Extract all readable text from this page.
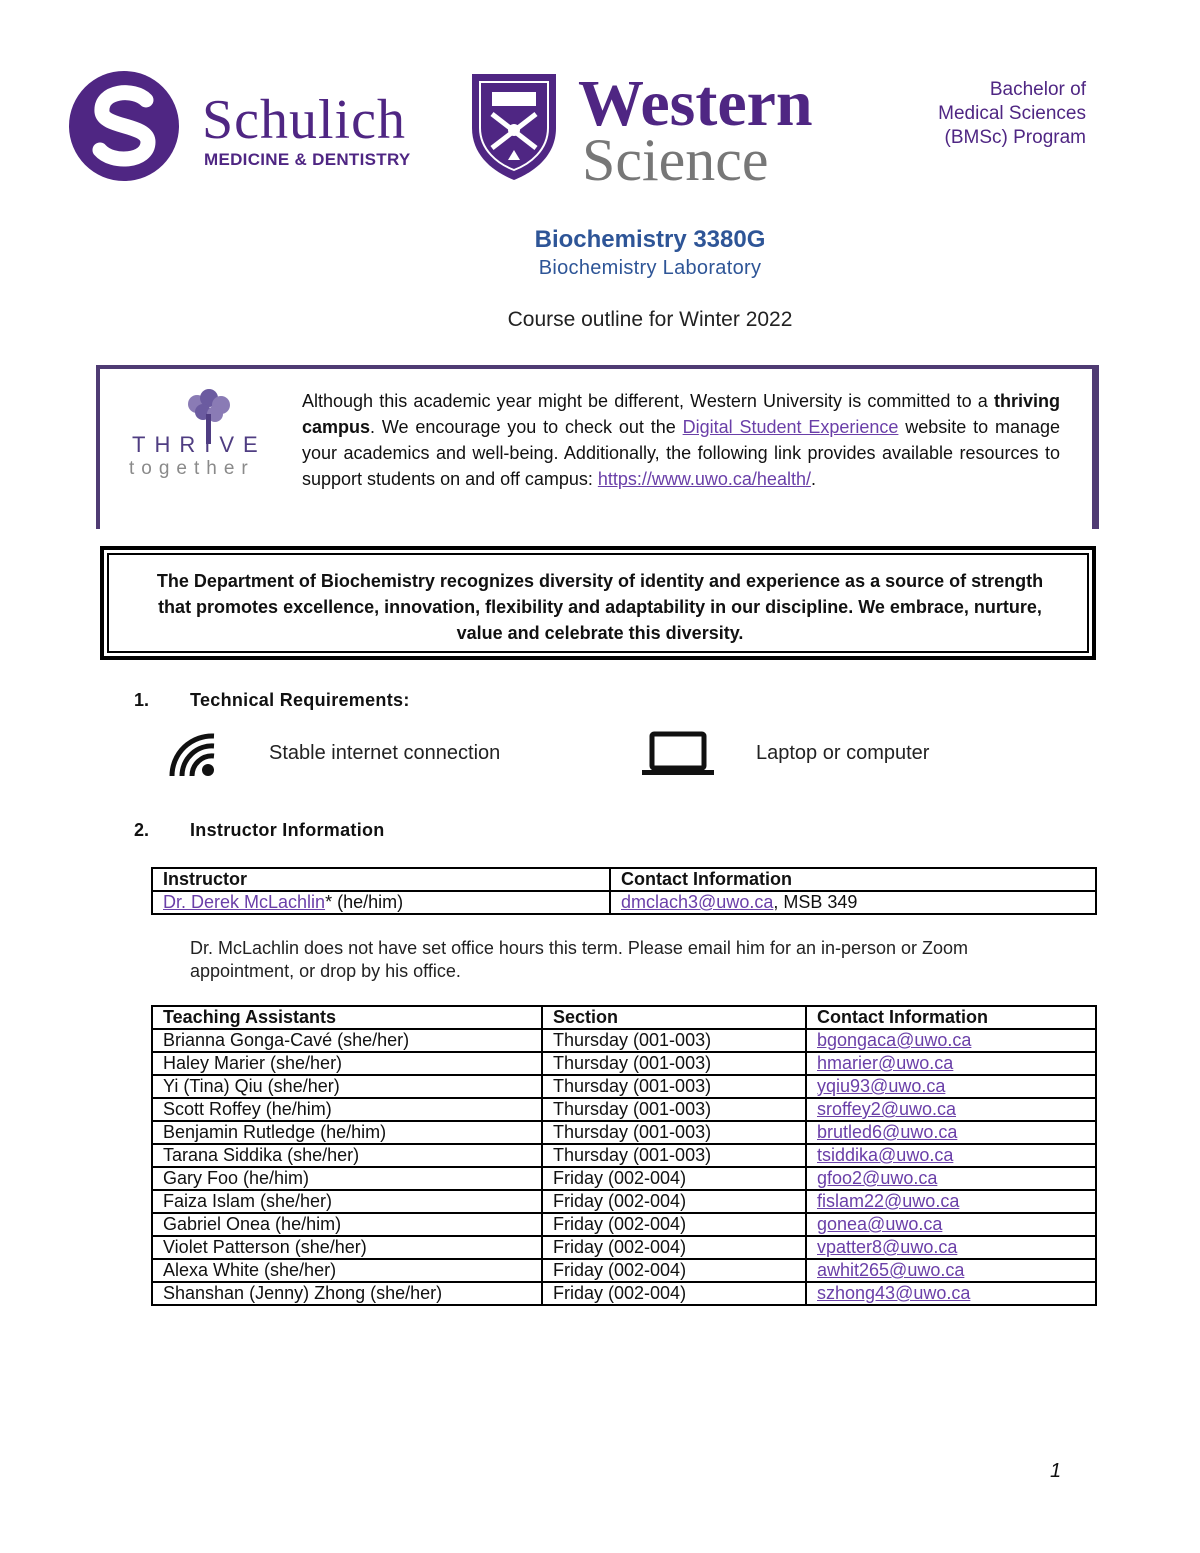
Schulich
MEDICINE & DENTISTRY
Western
Science
Bachelor of
Medical Sciences
(BMSc) Program
Biochemistry 3380G
Biochemistry Laboratory
Course outline for Winter 2022
THRIVE
together
Although this academic year might be different, Western University is committed to a thriving campus. We encourage you to check out the Digital Student Experience website to manage your academics and well-being. Additionally, the following link provides available resources to support students on and off campus: https://www.uwo.ca/health/.
The Department of Biochemistry recognizes diversity of identity and experience as a source of strength that promotes excellence, innovation, flexibility and adaptability in our discipline. We embrace, nurture, value and celebrate this diversity.
1. Technical Requirements:
Stable internet connection	Laptop or computer
2. Instructor Information
Instructor	Contact Information
Dr. Derek McLachlin* (he/him)	dmclach3@uwo.ca, MSB 349
Dr. McLachlin does not have set office hours this term. Please email him for an in-person or Zoom appointment, or drop by his office.
Teaching Assistants	Section	Contact Information
Brianna Gonga-Cavé (she/her)	Thursday (001-003)	bgongaca@uwo.ca
Haley Marier (she/her)	Thursday (001-003)	hmarier@uwo.ca
Yi (Tina) Qiu (she/her)	Thursday (001-003)	yqiu93@uwo.ca
Scott Roffey (he/him)	Thursday (001-003)	sroffey2@uwo.ca
Benjamin Rutledge (he/him)	Thursday (001-003)	brutled6@uwo.ca
Tarana Siddika (she/her)	Thursday (001-003)	tsiddika@uwo.ca
Gary Foo (he/him)	Friday (002-004)	gfoo2@uwo.ca
Faiza Islam (she/her)	Friday (002-004)	fislam22@uwo.ca
Gabriel Onea (he/him)	Friday (002-004)	gonea@uwo.ca
Violet Patterson (she/her)	Friday (002-004)	vpatter8@uwo.ca
Alexa White (she/her)	Friday (002-004)	awhit265@uwo.ca
Shanshan (Jenny) Zhong (she/her)	Friday (002-004)	szhong43@uwo.ca
1
